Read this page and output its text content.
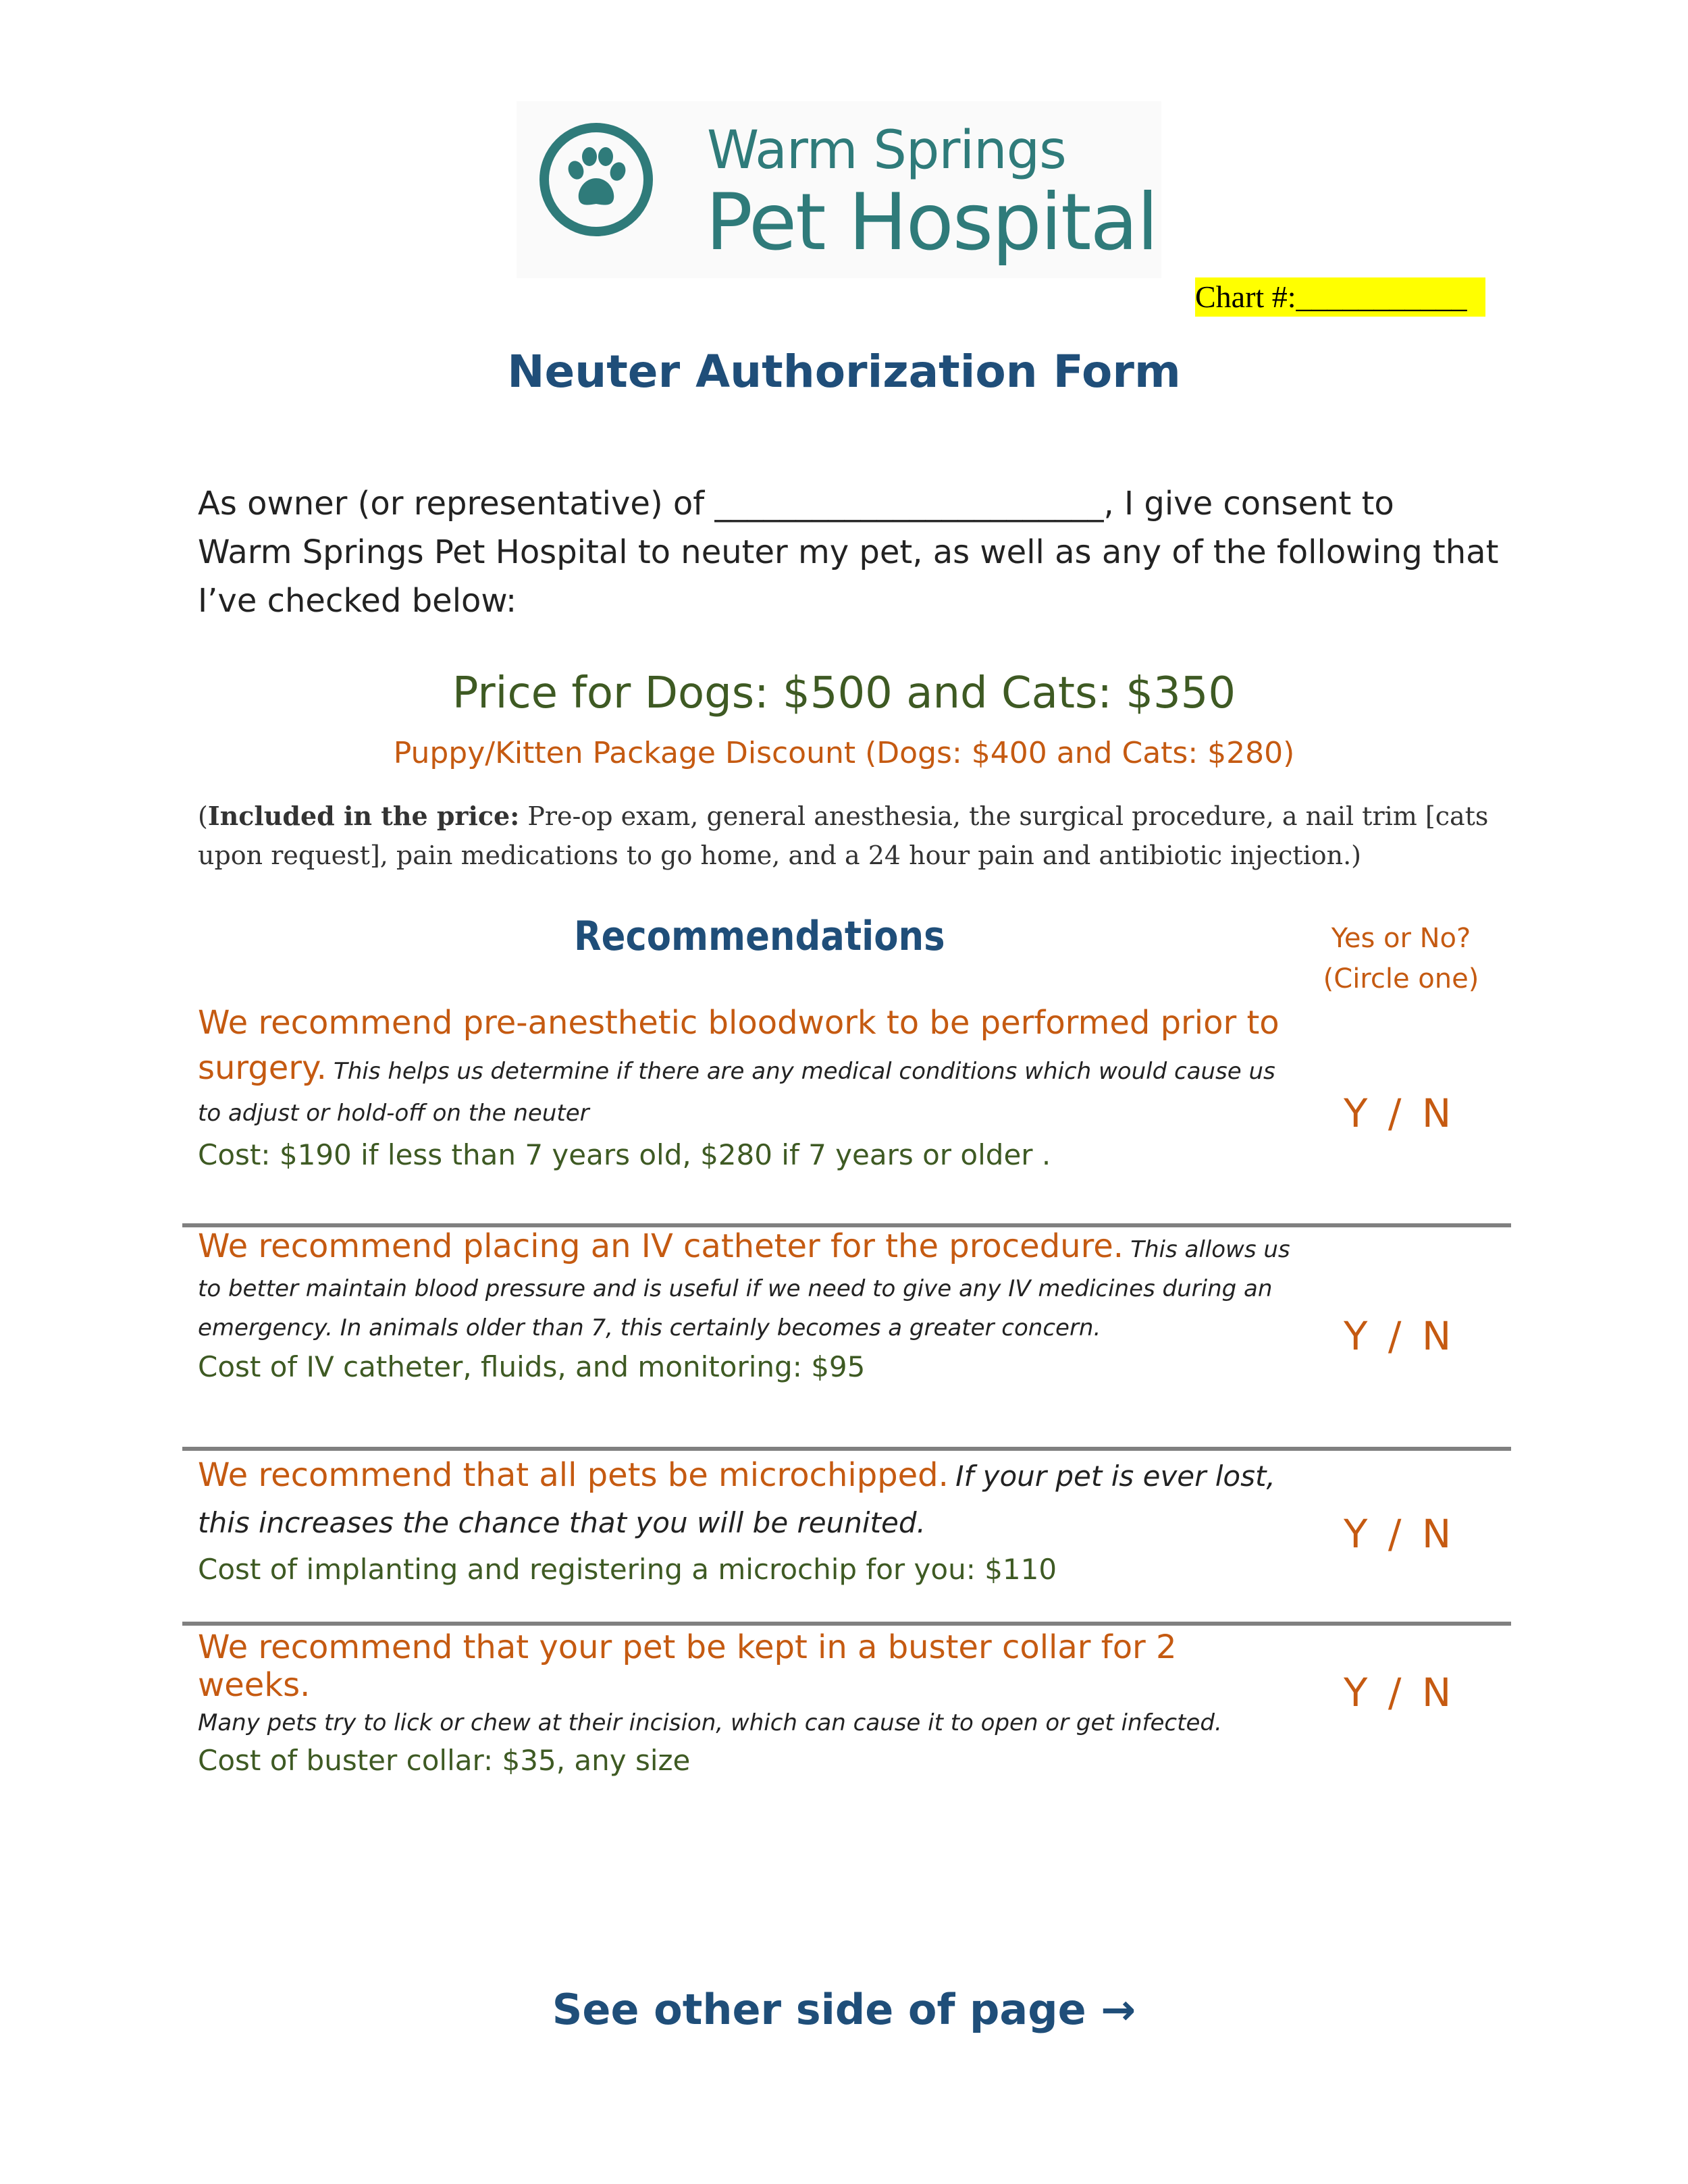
Warm Springs
Pet Hospital
Chart #:___________
Neuter Authorization Form
As owner (or representative) of ________________________, I give consent to
Warm Springs Pet Hospital to neuter my pet, as well as any of the following that
I’ve checked below:
Price for Dogs: $500 and Cats: $350
Puppy/Kitten Package Discount (Dogs: $400 and Cats: $280)
(Included in the price: Pre-op exam, general anesthesia, the surgical procedure, a nail trim [cats upon request], pain medications to go home, and a 24 hour pain and antibiotic injection.)
Recommendations	Yes or No?
(Circle one)
We recommend pre-anesthetic bloodwork to be performed prior to surgery. This helps us determine if there are any medical conditions which would cause us to adjust or hold-off on the neuter
Cost: $190 if less than 7 years old, $280 if 7 years or older .
Y / N
We recommend placing an IV catheter for the procedure. This allows us to better maintain blood pressure and is useful if we need to give any IV medicines during an emergency. In animals older than 7, this certainly becomes a greater concern.
Cost of IV catheter, fluids, and monitoring: $95
Y / N
We recommend that all pets be microchipped. If your pet is ever lost, this increases the chance that you will be reunited.
Cost of implanting and registering a microchip for you: $110
Y / N
We recommend that your pet be kept in a buster collar for 2 weeks.
Many pets try to lick or chew at their incision, which can cause it to open or get infected.
Cost of buster collar: $35, any size
Y / N
See other side of page →
